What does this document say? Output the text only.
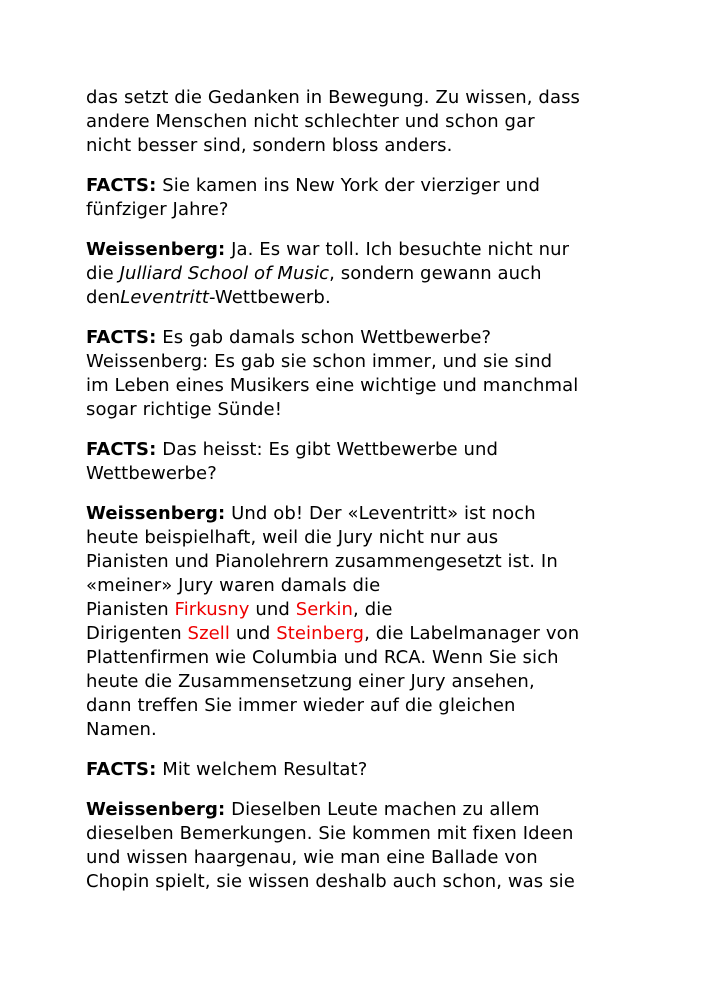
das setzt die Gedanken in Bewegung. Zu wissen, dass
andere Menschen nicht schlechter und schon gar
nicht besser sind, sondern bloss anders.

FACTS: Sie kamen ins New York der vierziger und
fünfziger Jahre?

Weissenberg: Ja. Es war toll. Ich besuchte nicht nur
die Julliard School of Music, sondern gewann auch
denLeventritt-Wettbewerb.

FACTS: Es gab damals schon Wettbewerbe?
Weissenberg: Es gab sie schon immer, und sie sind
im Leben eines Musikers eine wichtige und manchmal
sogar richtige Sünde!

FACTS: Das heisst: Es gibt Wettbewerbe und
Wettbewerbe?

Weissenberg: Und ob! Der «Leventritt» ist noch
heute beispielhaft, weil die Jury nicht nur aus
Pianisten und Pianolehrern zusammengesetzt ist. In
«meiner» Jury waren damals die
Pianisten Firkusny und Serkin, die
Dirigenten Szell und Steinberg, die Labelmanager von
Plattenfirmen wie Columbia und RCA. Wenn Sie sich
heute die Zusammensetzung einer Jury ansehen,
dann treffen Sie immer wieder auf die gleichen
Namen.

FACTS: Mit welchem Resultat?

Weissenberg: Dieselben Leute machen zu allem
dieselben Bemerkungen. Sie kommen mit fixen Ideen
und wissen haargenau, wie man eine Ballade von
Chopin spielt, sie wissen deshalb auch schon, was sie
